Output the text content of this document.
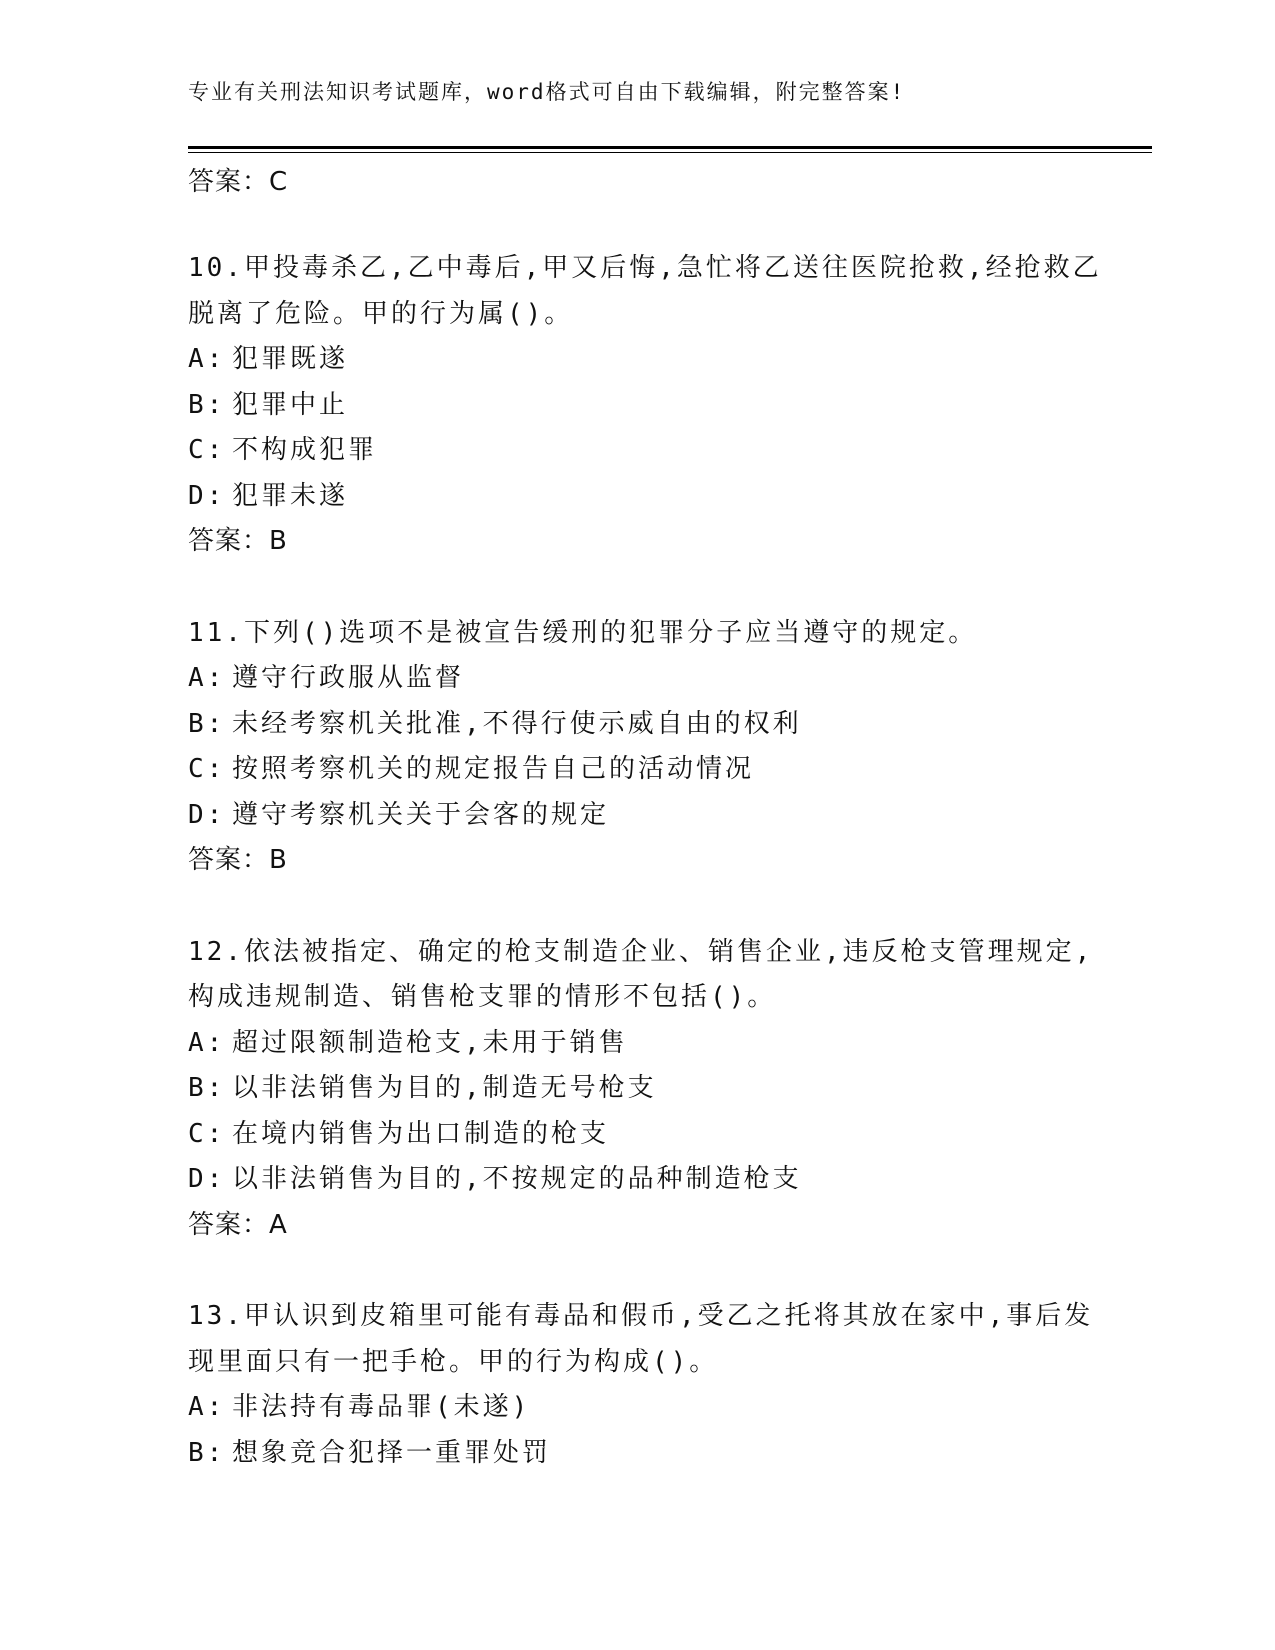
专业有关刑法知识考试题库，word格式可自由下载编辑，附完整答案!
答案：C
10.甲投毒杀乙,乙中毒后,甲又后悔,急忙将乙送往医院抢救,经抢救乙
脱离了危险。甲的行为属()。
A: 犯罪既遂
B: 犯罪中止
C: 不构成犯罪
D: 犯罪未遂
答案：B
11.下列()选项不是被宣告缓刑的犯罪分子应当遵守的规定。
A: 遵守行政服从监督
B: 未经考察机关批准,不得行使示威自由的权利
C: 按照考察机关的规定报告自己的活动情况
D: 遵守考察机关关于会客的规定
答案：B
12.依法被指定、确定的枪支制造企业、销售企业,违反枪支管理规定,
构成违规制造、销售枪支罪的情形不包括()。
A: 超过限额制造枪支,未用于销售
B: 以非法销售为目的,制造无号枪支
C: 在境内销售为出口制造的枪支
D: 以非法销售为目的,不按规定的品种制造枪支
答案：A
13.甲认识到皮箱里可能有毒品和假币,受乙之托将其放在家中,事后发
现里面只有一把手枪。甲的行为构成()。
A: 非法持有毒品罪(未遂)
B: 想象竞合犯择一重罪处罚
